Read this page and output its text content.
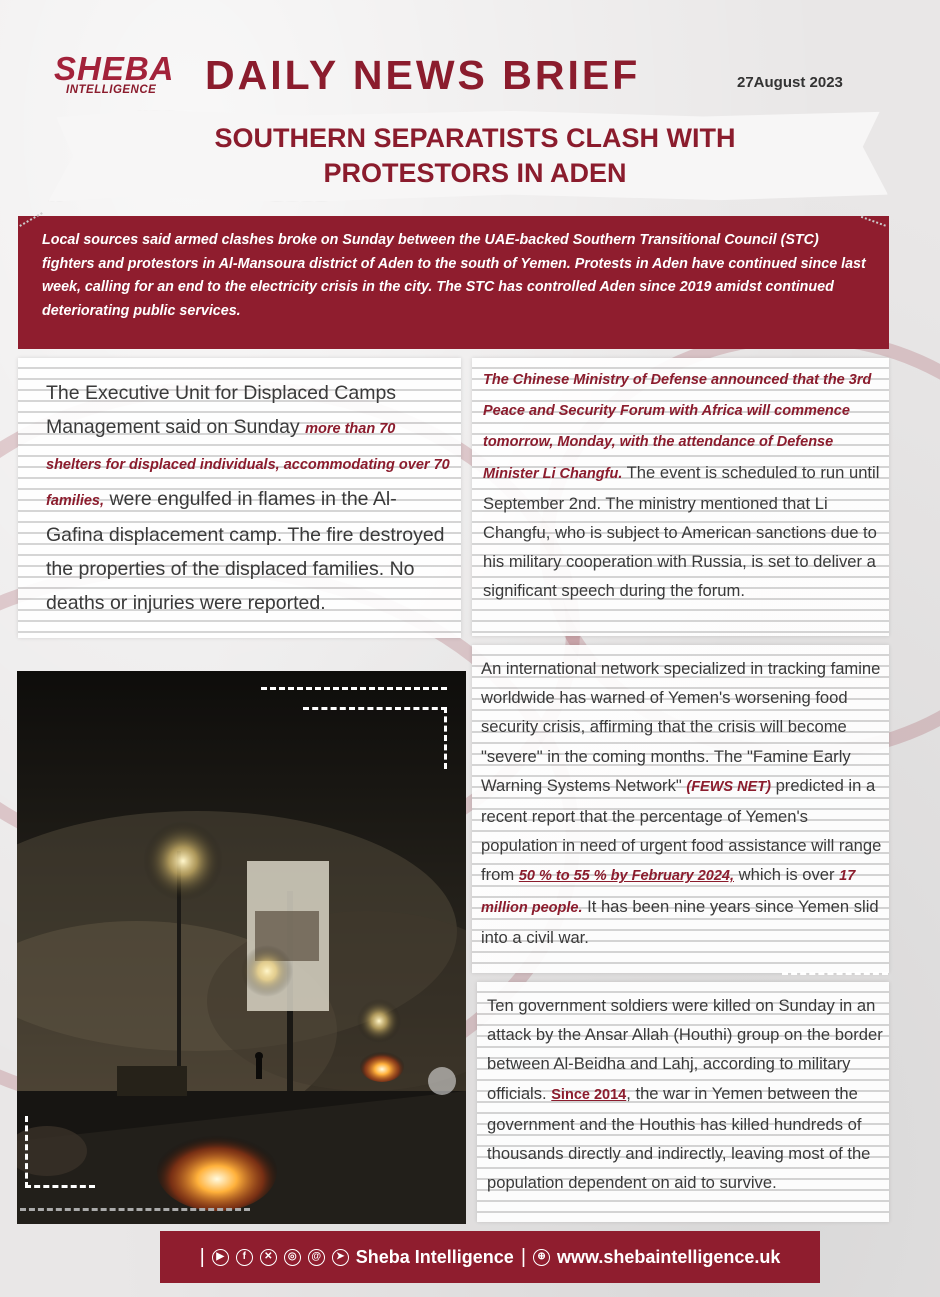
SHEBA
INTELLIGENCE	DAILY NEWS BRIEF	27August 2023
SOUTHERN SEPARATISTS CLASH WITH PROTESTORS IN ADEN

Local sources said armed clashes broke on Sunday between the UAE-backed Southern Transitional Council (STC) fighters and protestors in Al-Mansoura district of Aden to the south of Yemen. Protests in Aden have continued since last week, calling for an end to the electricity crisis in the city. The STC has controlled Aden since 2019 amidst continued deteriorating public services.

The Executive Unit for Displaced Camps Management said on Sunday more than 70 shelters for displaced individuals, accommodating over 70 families, were engulfed in flames in the Al-Gafina displacement camp. The fire destroyed the properties of the displaced families. No deaths or injuries were reported.

The Chinese Ministry of Defense announced that the 3rd Peace and Security Forum with Africa will commence tomorrow, Monday, with the attendance of Defense Minister Li Changfu. The event is scheduled to run until September 2nd. The ministry mentioned that Li Changfu, who is subject to American sanctions due to his military cooperation with Russia, is set to deliver a significant speech during the forum.

An international network specialized in tracking famine worldwide has warned of Yemen's worsening food security crisis, affirming that the crisis will become "severe" in the coming months. The "Famine Early Warning Systems Network" (FEWS NET) predicted in a recent report that the percentage of Yemen's population in need of urgent food assistance will range from 50 % to 55 % by February 2024, which is over 17 million people. It has been nine years since Yemen slid into a civil war.

Ten government soldiers were killed on Sunday in an attack by the Ansar Allah (Houthi) group on the border between Al-Beidha and Lahj, according to military officials. Since 2014, the war in Yemen between the government and the Houthis has killed hundreds of thousands directly and indirectly, leaving most of the population dependent on aid to survive.

|	▶	f	✕	◎	@	➤ Sheba Intelligence |	⊕ www.shebaintelligence.uk
